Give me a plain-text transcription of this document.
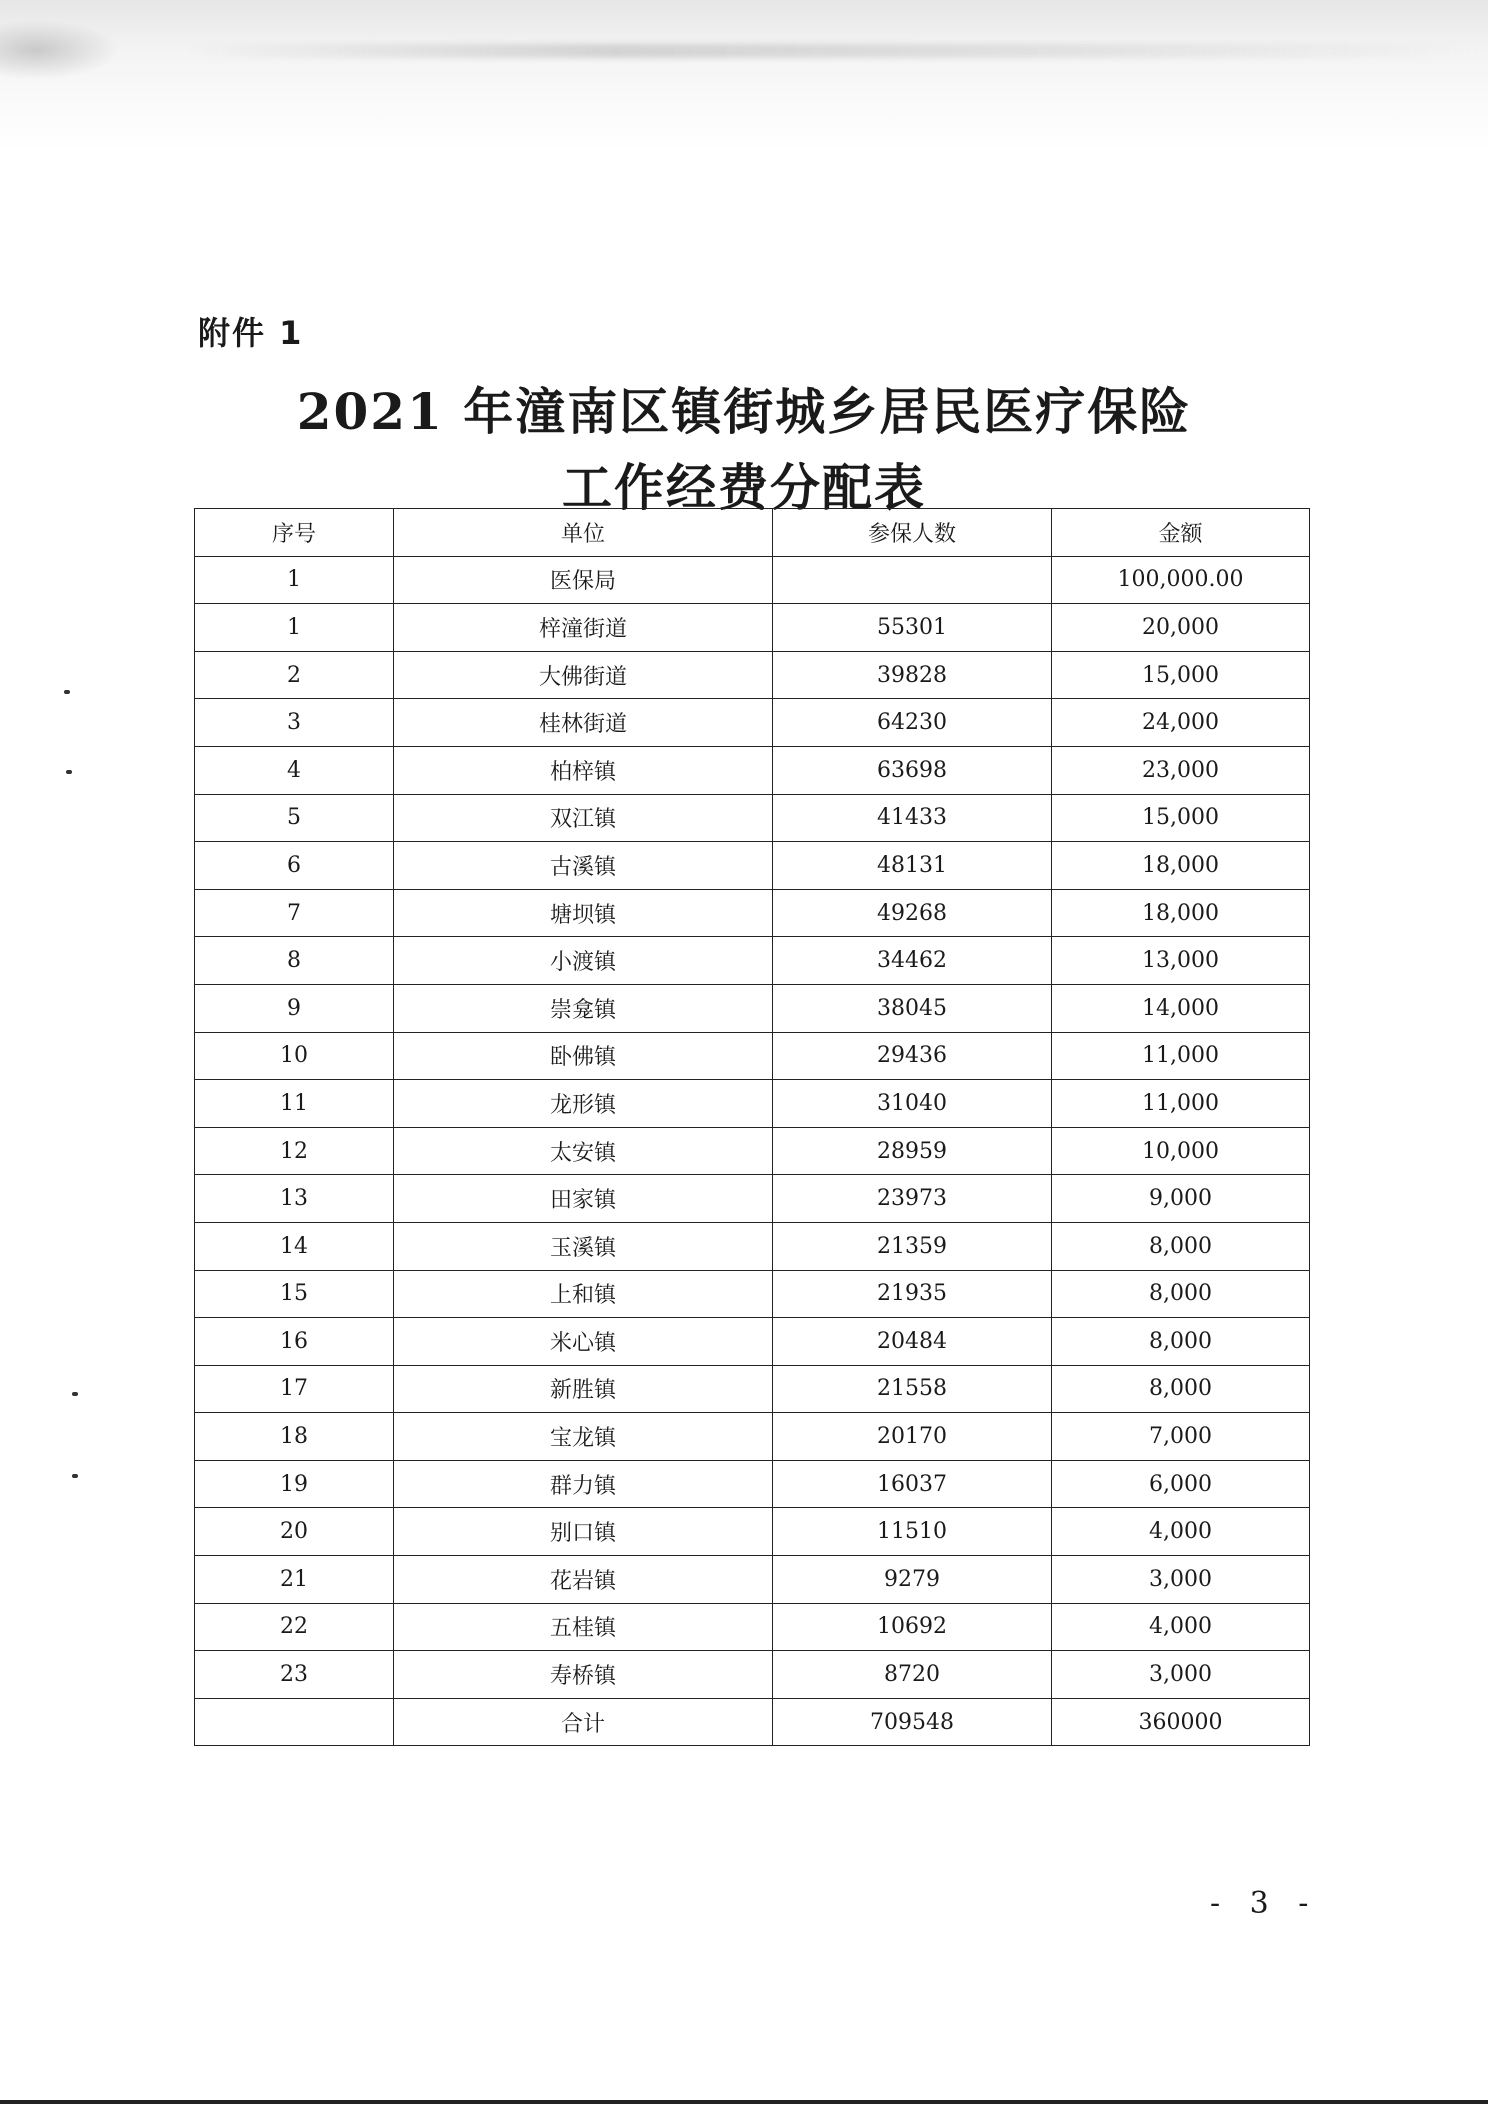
附件 1
2021 年潼南区镇街城乡居民医疗保险
工作经费分配表
序号	单位	参保人数	金额
1	医保局		100,000.00
1	梓潼街道	55301	20,000
2	大佛街道	39828	15,000
3	桂林街道	64230	24,000
4	柏梓镇	63698	23,000
5	双江镇	41433	15,000
6	古溪镇	48131	18,000
7	塘坝镇	49268	18,000
8	小渡镇	34462	13,000
9	崇龛镇	38045	14,000
10	卧佛镇	29436	11,000
11	龙形镇	31040	11,000
12	太安镇	28959	10,000
13	田家镇	23973	9,000
14	玉溪镇	21359	8,000
15	上和镇	21935	8,000
16	米心镇	20484	8,000
17	新胜镇	21558	8,000
18	宝龙镇	20170	7,000
19	群力镇	16037	6,000
20	别口镇	11510	4,000
21	花岩镇	9279	3,000
22	五桂镇	10692	4,000
23	寿桥镇	8720	3,000
	合计	709548	360000
- 3 -
